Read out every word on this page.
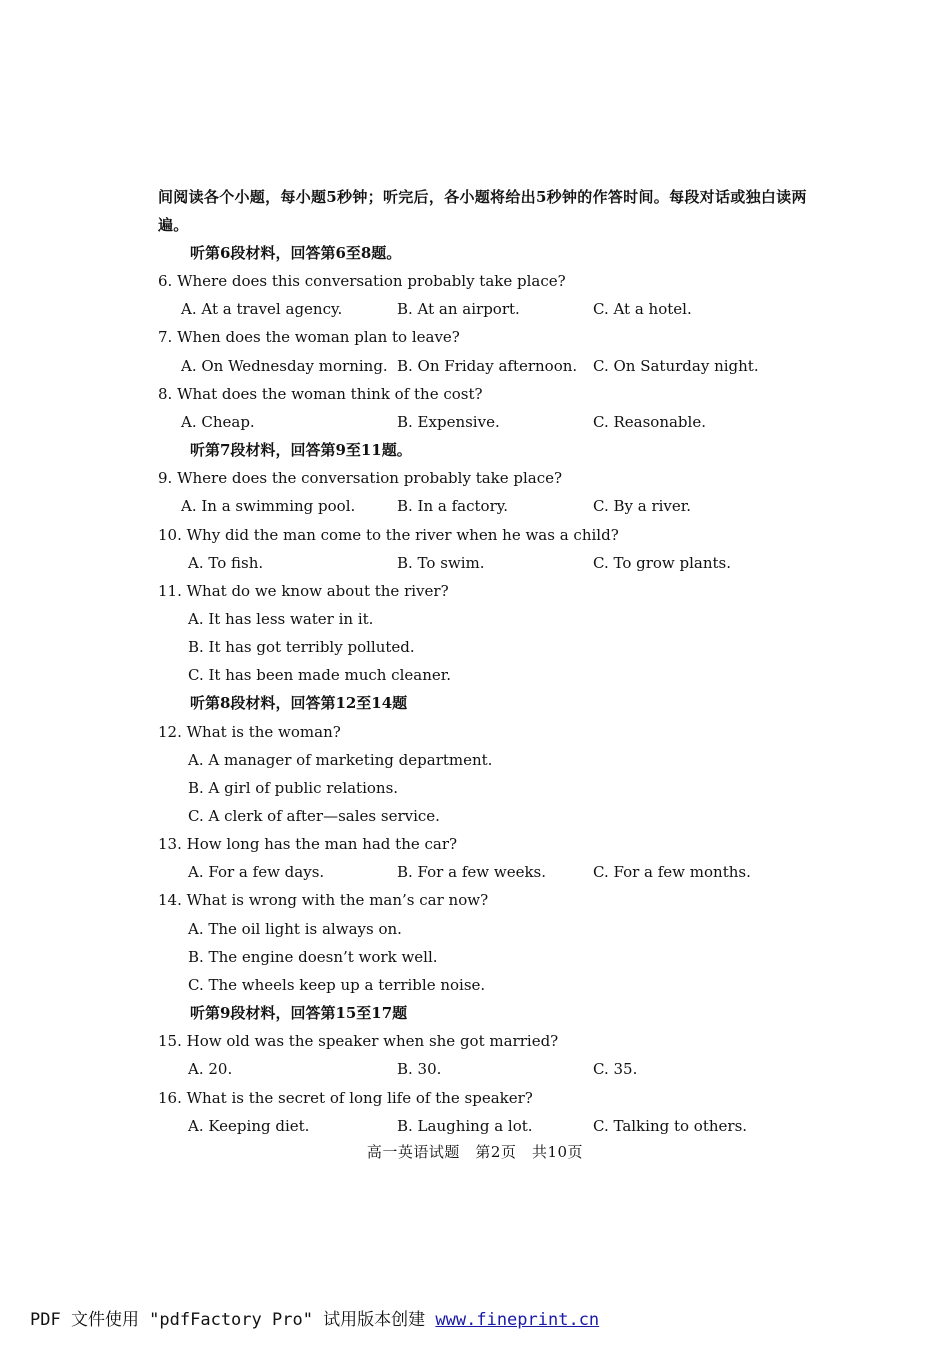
间阅读各个小题，每小题5秒钟；听完后，各小题将给出5秒钟的作答时间。每段对话或独白读两遍。
听第6段材料，回答第6至8题。
6. Where does this conversation probably take place?
A. At a travel agency.	B. At an airport.	C. At a hotel.
7. When does the woman plan to leave?
A. On Wednesday morning. B. On Friday afternoon. C. On Saturday night.
8. What does the woman think of the cost?
A. Cheap.	B. Expensive.	C. Reasonable.
听第7段材料，回答第9至11题。
9. Where does the conversation probably take place?
A. In a swimming pool.	B. In a factory.	C. By a river.
10. Why did the man come to the river when he was a child?
A. To fish.	B. To swim.	C. To grow plants.
11. What do we know about the river?
A. It has less water in it.
B. It has got terribly polluted.
C. It has been made much cleaner.
听第8段材料，回答第12至14题
12. What is the woman?
A. A manager of marketing department.
B. A girl of public relations.
C. A clerk of after—sales service.
13. How long has the man had the car?
A. For a few days.	B. For a few weeks.	C. For a few months.
14. What is wrong with the man’s car now?
A. The oil light is always on.
B. The engine doesn’t work well.
C. The wheels keep up a terrible noise.
听第9段材料，回答第15至17题
15. How old was the speaker when she got married?
A. 20.	B. 30.	C. 35.
16. What is the secret of long life of the speaker?
A. Keeping diet.	B. Laughing a lot.	C. Talking to others.
高一英语试题　第2页　共10页
PDF 文件使用 "pdfFactory Pro" 试用版本创建 www.fineprint.cn
